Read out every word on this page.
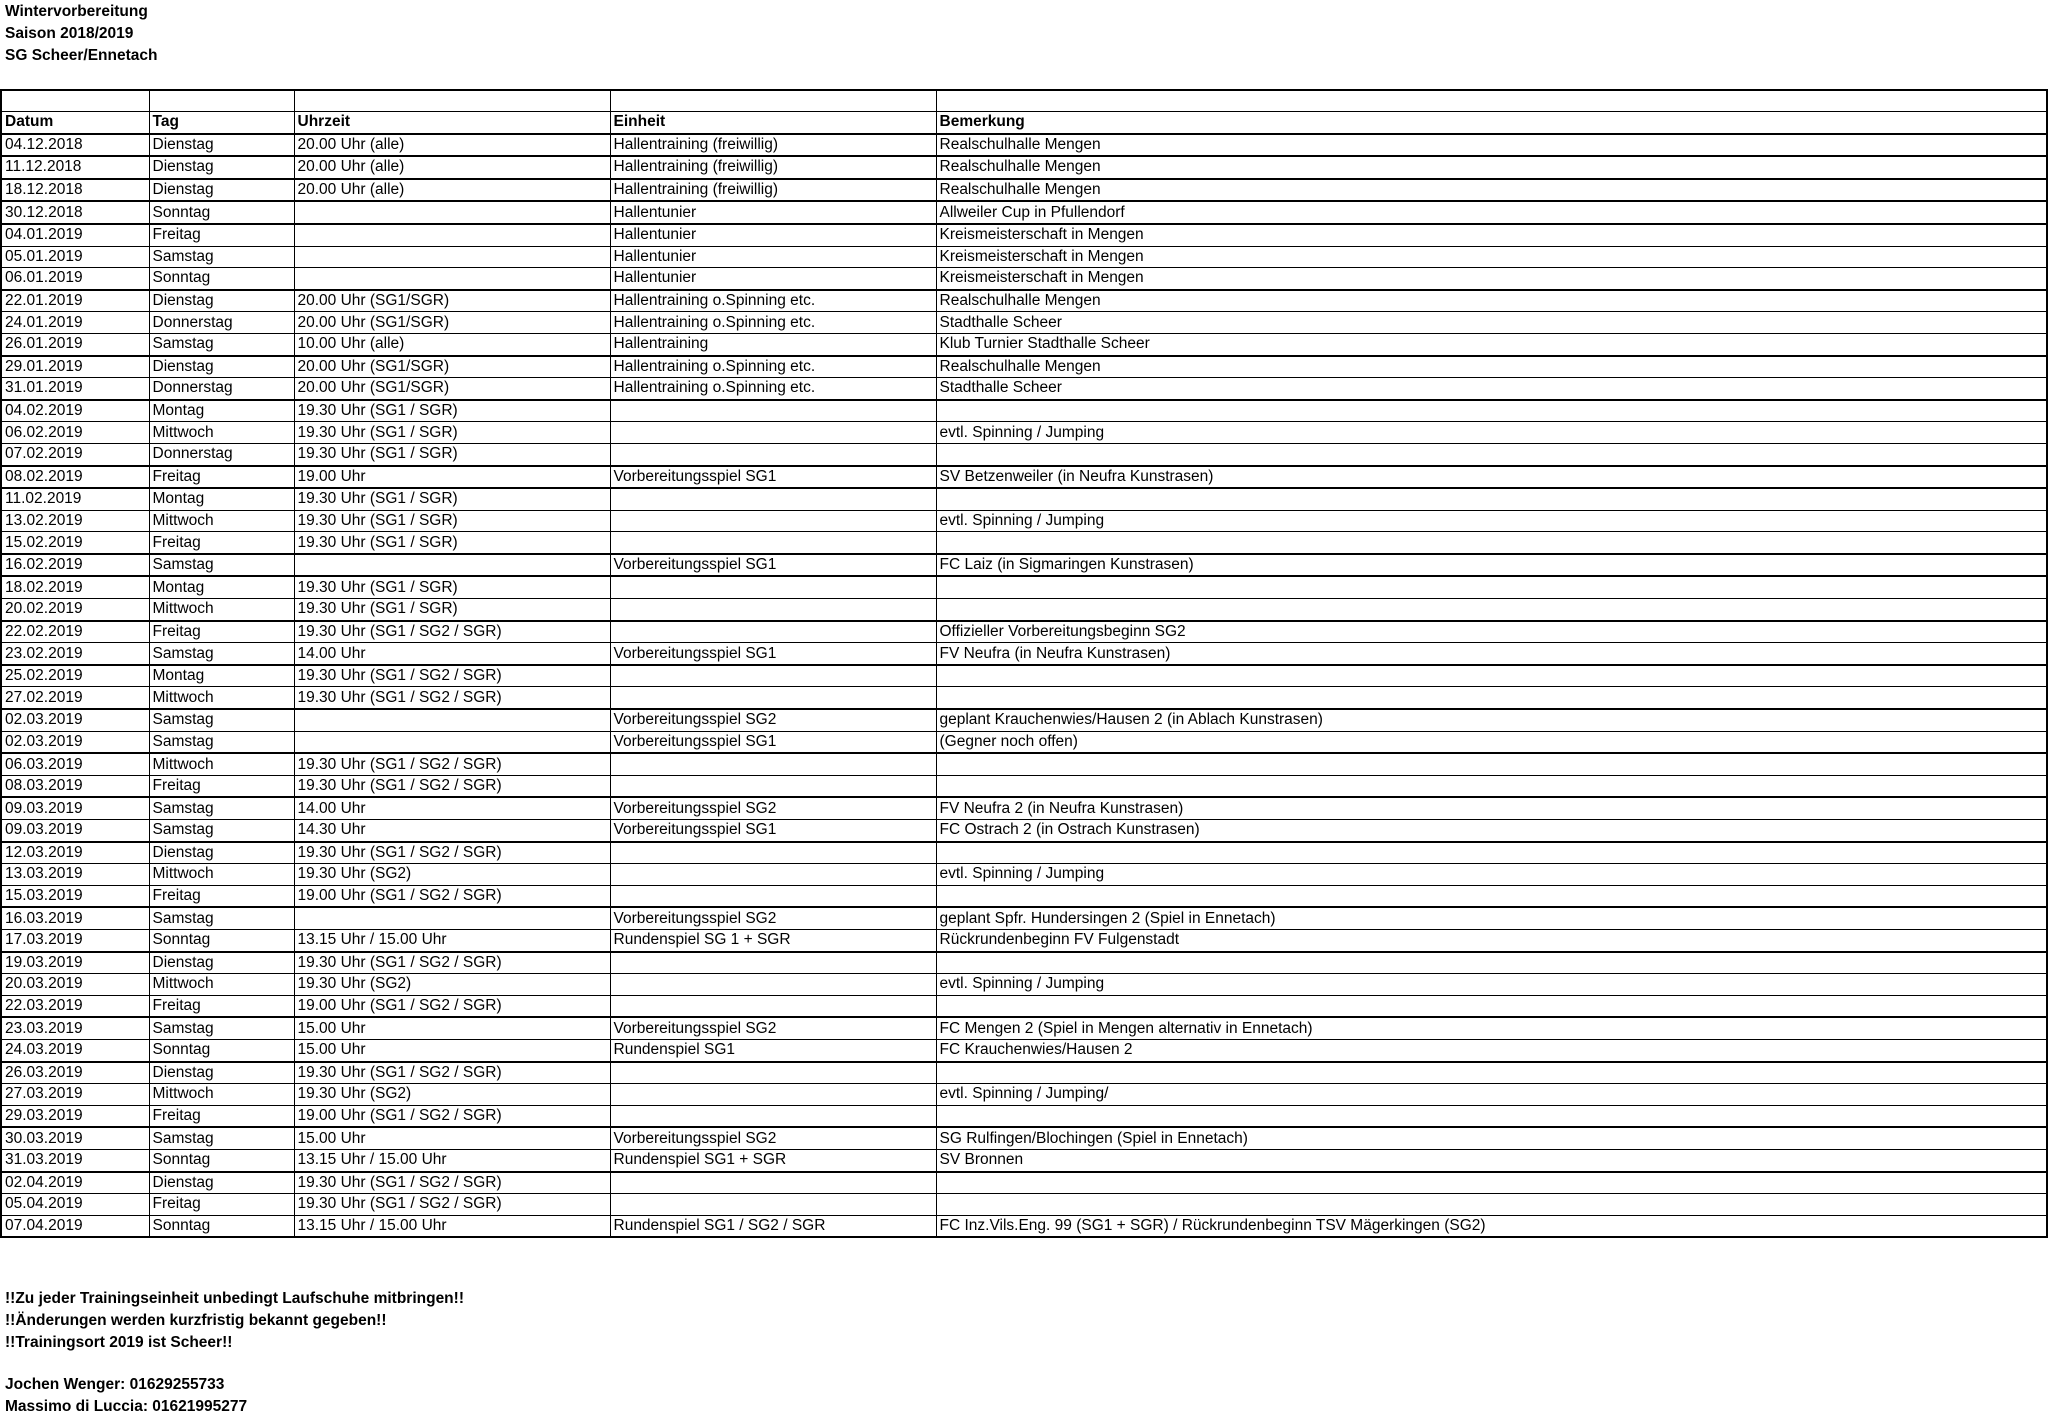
Wintervorbereitung
Saison 2018/2019
SG Scheer/Ennetach

Datum	Tag	Uhrzeit	Einheit	Bemerkung
04.12.2018	Dienstag	20.00 Uhr (alle)	Hallentraining (freiwillig)	Realschulhalle Mengen
11.12.2018	Dienstag	20.00 Uhr (alle)	Hallentraining (freiwillig)	Realschulhalle Mengen
18.12.2018	Dienstag	20.00 Uhr (alle)	Hallentraining (freiwillig)	Realschulhalle Mengen
30.12.2018	Sonntag		Hallentunier	Allweiler Cup in Pfullendorf
04.01.2019	Freitag		Hallentunier	Kreismeisterschaft in Mengen
05.01.2019	Samstag		Hallentunier	Kreismeisterschaft in Mengen
06.01.2019	Sonntag		Hallentunier	Kreismeisterschaft in Mengen
22.01.2019	Dienstag	20.00 Uhr (SG1/SGR)	Hallentraining o.Spinning etc.	Realschulhalle Mengen
24.01.2019	Donnerstag	20.00 Uhr (SG1/SGR)	Hallentraining o.Spinning etc.	Stadthalle Scheer
26.01.2019	Samstag	10.00 Uhr (alle)	Hallentraining	Klub Turnier Stadthalle Scheer
29.01.2019	Dienstag	20.00 Uhr (SG1/SGR)	Hallentraining o.Spinning etc.	Realschulhalle Mengen
31.01.2019	Donnerstag	20.00 Uhr (SG1/SGR)	Hallentraining o.Spinning etc.	Stadthalle Scheer
04.02.2019	Montag	19.30 Uhr (SG1 / SGR)		
06.02.2019	Mittwoch	19.30 Uhr (SG1 / SGR)		evtl. Spinning / Jumping
07.02.2019	Donnerstag	19.30 Uhr (SG1 / SGR)		
08.02.2019	Freitag	19.00 Uhr	Vorbereitungsspiel SG1	SV Betzenweiler (in Neufra Kunstrasen)
11.02.2019	Montag	19.30 Uhr (SG1 / SGR)		
13.02.2019	Mittwoch	19.30 Uhr (SG1 / SGR)		evtl. Spinning / Jumping
15.02.2019	Freitag	19.30 Uhr (SG1 / SGR)		
16.02.2019	Samstag		Vorbereitungsspiel SG1	FC Laiz (in Sigmaringen Kunstrasen)
18.02.2019	Montag	19.30 Uhr (SG1 / SGR)		
20.02.2019	Mittwoch	19.30 Uhr (SG1 / SGR)		
22.02.2019	Freitag	19.30 Uhr (SG1 / SG2 / SGR)		Offizieller Vorbereitungsbeginn SG2
23.02.2019	Samstag	14.00 Uhr	Vorbereitungsspiel SG1	FV Neufra (in Neufra Kunstrasen)
25.02.2019	Montag	19.30 Uhr (SG1 / SG2 / SGR)		
27.02.2019	Mittwoch	19.30 Uhr (SG1 / SG2 / SGR)		
02.03.2019	Samstag		Vorbereitungsspiel SG2	geplant Krauchenwies/Hausen 2 (in Ablach Kunstrasen)
02.03.2019	Samstag		Vorbereitungsspiel SG1	(Gegner noch offen)
06.03.2019	Mittwoch	19.30 Uhr (SG1 / SG2 / SGR)		
08.03.2019	Freitag	19.30 Uhr (SG1 / SG2 / SGR)		
09.03.2019	Samstag	14.00 Uhr	Vorbereitungsspiel SG2	FV Neufra 2 (in Neufra Kunstrasen)
09.03.2019	Samstag	14.30 Uhr	Vorbereitungsspiel SG1	FC Ostrach 2 (in Ostrach Kunstrasen)
12.03.2019	Dienstag	19.30 Uhr (SG1 / SG2 / SGR)		
13.03.2019	Mittwoch	19.30 Uhr (SG2)		evtl. Spinning / Jumping
15.03.2019	Freitag	19.00 Uhr (SG1 / SG2 / SGR)		
16.03.2019	Samstag		Vorbereitungsspiel SG2	geplant Spfr. Hundersingen 2 (Spiel in Ennetach)
17.03.2019	Sonntag	13.15 Uhr / 15.00 Uhr	Rundenspiel SG 1 + SGR	Rückrundenbeginn FV Fulgenstadt
19.03.2019	Dienstag	19.30 Uhr (SG1 / SG2 / SGR)		
20.03.2019	Mittwoch	19.30 Uhr (SG2)		evtl. Spinning / Jumping
22.03.2019	Freitag	19.00 Uhr (SG1 / SG2 / SGR)		
23.03.2019	Samstag	15.00 Uhr	Vorbereitungsspiel SG2	FC Mengen 2 (Spiel in Mengen alternativ in Ennetach)
24.03.2019	Sonntag	15.00 Uhr	Rundenspiel SG1	FC Krauchenwies/Hausen 2
26.03.2019	Dienstag	19.30 Uhr (SG1 / SG2 / SGR)		
27.03.2019	Mittwoch	19.30 Uhr (SG2)		evtl. Spinning / Jumping/
29.03.2019	Freitag	19.00 Uhr (SG1 / SG2 / SGR)		
30.03.2019	Samstag	15.00 Uhr	Vorbereitungsspiel SG2	SG Rulfingen/Blochingen (Spiel in Ennetach)
31.03.2019	Sonntag	13.15 Uhr / 15.00 Uhr	Rundenspiel SG1 + SGR	SV Bronnen
02.04.2019	Dienstag	19.30 Uhr (SG1 / SG2 / SGR)		
05.04.2019	Freitag	19.30 Uhr (SG1 / SG2 / SGR)		
07.04.2019	Sonntag	13.15 Uhr / 15.00 Uhr	Rundenspiel SG1 / SG2 / SGR	FC Inz.Vils.Eng. 99 (SG1 + SGR) / Rückrundenbeginn TSV Mägerkingen (SG2)
!!Zu jeder Trainingseinheit unbedingt Laufschuhe mitbringen!!
!!Änderungen werden kurzfristig bekannt gegeben!!
!!Trainingsort 2019 ist Scheer!!
Jochen Wenger: 01629255733
Massimo di Luccia: 01621995277
